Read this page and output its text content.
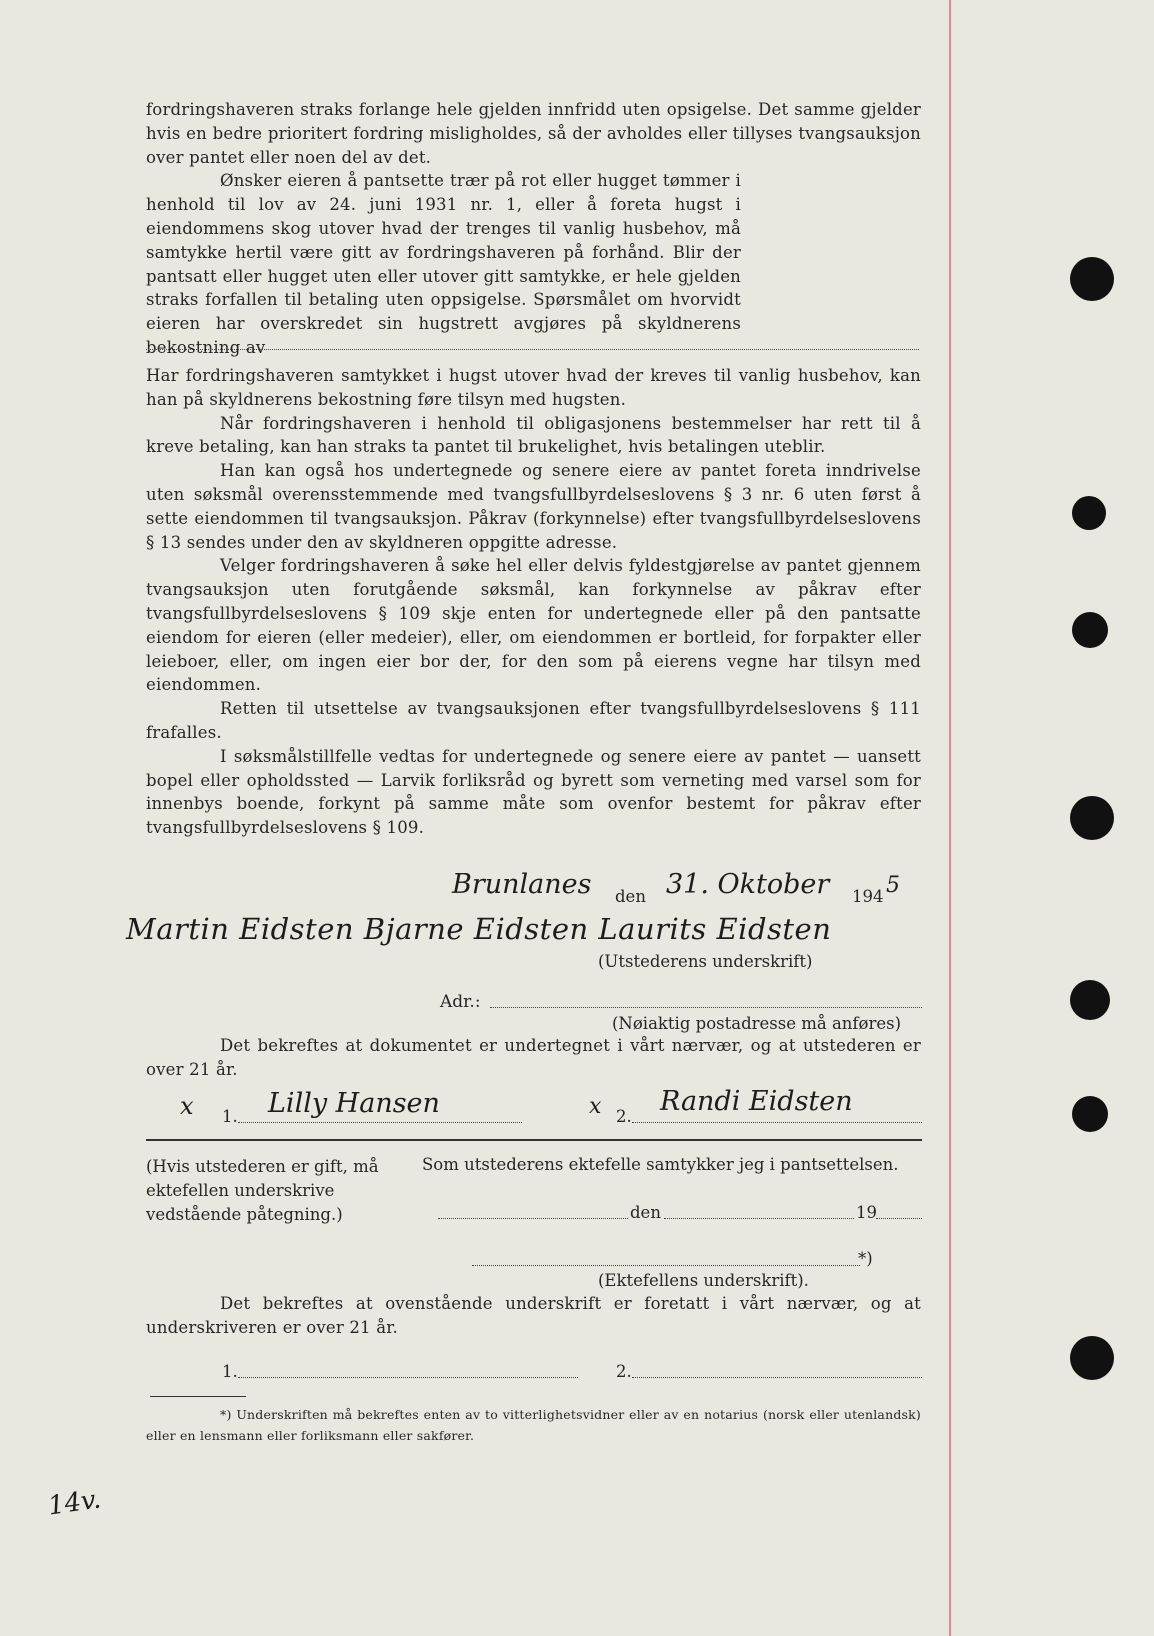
fordringshaveren straks forlange hele gjelden innfridd uten opsigelse. Det samme gjelder hvis en bedre prioritert fordring misligholdes, så der avholdes eller tillyses tvangsauksjon over pantet eller noen del av det.

Ønsker eieren å pantsette trær på rot eller hugget tømmer i henhold til lov av 24. juni 1931 nr. 1, eller å foreta hugst i eiendommens skog utover hvad der trenges til vanlig husbehov, må samtykke hertil være gitt av fordringshaveren på forhånd. Blir der pantsatt eller hugget uten eller utover gitt samtykke, er hele gjelden straks forfallen til betaling uten oppsigelse. Spørsmålet om hvorvidt eieren har overskredet sin hugstrett avgjøres på skyldnerens bekostning av

Har fordringshaveren samtykket i hugst utover hvad der kreves til vanlig husbehov, kan han på skyldnerens bekostning føre tilsyn med hugsten.

Når fordringshaveren i henhold til obligasjonens bestemmelser har rett til å kreve betaling, kan han straks ta pantet til brukelighet, hvis betalingen uteblir.

Han kan også hos undertegnede og senere eiere av pantet foreta inndrivelse uten søksmål overensstemmende med tvangsfullbyrdelseslovens § 3 nr. 6 uten først å sette eiendommen til tvangsauksjon. Påkrav (forkynnelse) efter tvangsfullbyrdelseslovens § 13 sendes under den av skyldneren oppgitte adresse.

Velger fordringshaveren å søke hel eller delvis fyldestgjørelse av pantet gjennem tvangsauksjon uten forutgående søksmål, kan forkynnelse av påkrav efter tvangsfullbyrdelseslovens § 109 skje enten for undertegnede eller på den pantsatte eiendom for eieren (eller medeier), eller, om eiendommen er bortleid, for forpakter eller leieboer, eller, om ingen eier bor der, for den som på eierens vegne har tilsyn med eiendommen.

Retten til utsettelse av tvangsauksjonen efter tvangsfullbyrdelseslovens § 111 frafalles.

I søksmålstillfelle vedtas for undertegnede og senere eiere av pantet — uansett bopel eller opholdssted — Larvik forliksråd og byrett som verneting med varsel som for innenbys boende, forkynt på samme måte som ovenfor bestemt for påkrav efter tvangsfullbyrdelseslovens § 109.

Brunlanes den 31. Oktober 194 5
Martin Eidsten Bjarne Eidsten Laurits Eidsten
(Utstederens underskrift)
Adr.:
(Nøiaktig postadresse må anføres)

Det bekreftes at dokumentet er undertegnet i vårt nærvær, og at utstederen er over 21 år.

x 1. Lilly Hansen	x 2. Randi Eidsten
(Hvis utstederen er gift, må ektefellen underskrive vedstående påtegning.)
Som utstederens ektefelle samtykker jeg i pantsettelsen.
den	19
*)
(Ektefellens underskrift).

Det bekreftes at ovenstående underskrift er foretatt i vårt nærvær, og at underskriveren er over 21 år.

1.	2.

*) Underskriften må bekreftes enten av to vitterlighetsvidner eller av en notarius (norsk eller utenlandsk) eller en lensmann eller forliksmann eller sakfører.

14v.
